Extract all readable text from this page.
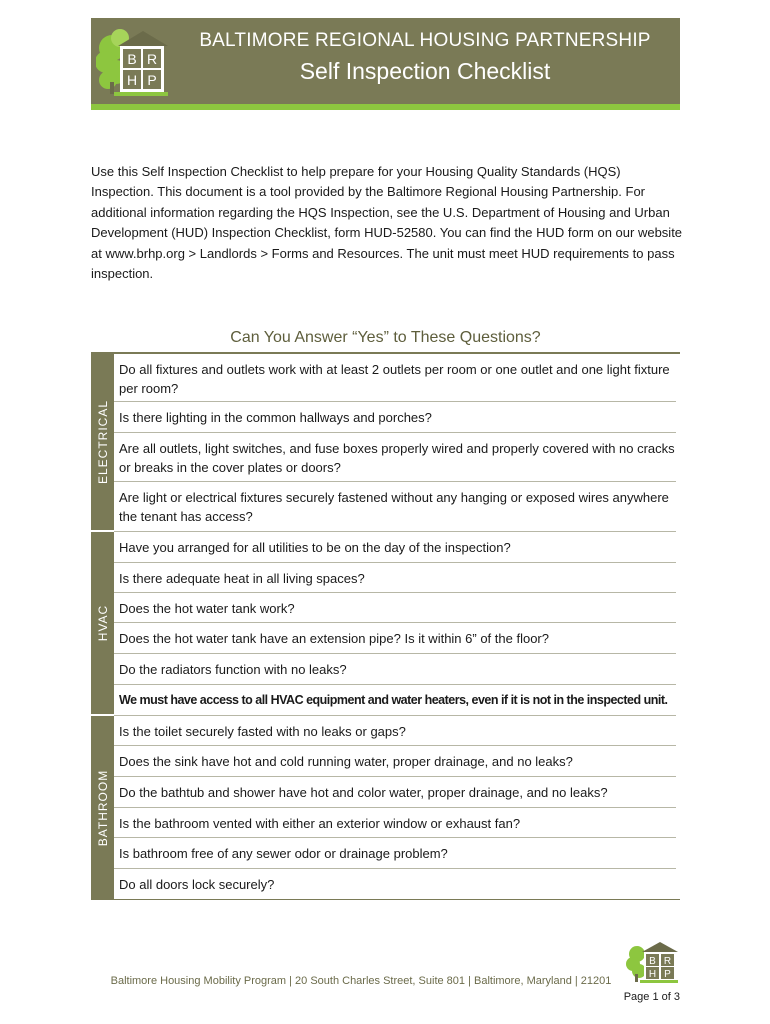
B R
H P
BALTIMORE REGIONAL HOUSING PARTNERSHIP
Self Inspection Checklist
Use this Self Inspection Checklist to help prepare for your Housing Quality Standards (HQS) Inspection. This document is a tool provided by the Baltimore Regional Housing Partnership. For additional information regarding the HQS Inspection, see the U.S. Department of Housing and Urban Development (HUD) Inspection Checklist, form HUD-52580. You can find the HUD form on our website at www.brhp.org > Landlords > Forms and Resources. The unit must meet HUD requirements to pass inspection.
Can You Answer “Yes” to These Questions?
ELECTRICAL
HVAC
BATHROOM
Do all fixtures and outlets work with at least 2 outlets per room or one outlet and one light fixture per room?
Is there lighting in the common hallways and porches?
Are all outlets, light switches, and fuse boxes properly wired and properly covered with no cracks or breaks in the cover plates or doors?
Are light or electrical fixtures securely fastened without any hanging or exposed wires anywhere the tenant has access?
Have you arranged for all utilities to be on the day of the inspection?
Is there adequate heat in all living spaces?
Does the hot water tank work?
Does the hot water tank have an extension pipe? Is it within 6” of the floor?
Do the radiators function with no leaks?
We must have access to all HVAC equipment and water heaters, even if it is not in the inspected unit.
Is the toilet securely fasted with no leaks or gaps?
Does the sink have hot and cold running water, proper drainage, and no leaks?
Do the bathtub and shower have hot and color water, proper drainage, and no leaks?
Is the bathroom vented with either an exterior window or exhaust fan?
Is bathroom free of any sewer odor or drainage problem?
Do all doors lock securely?
B R
H P
Baltimore Housing Mobility Program | 20 South Charles Street, Suite 801 | Baltimore, Maryland | 21201
Page 1 of 3
